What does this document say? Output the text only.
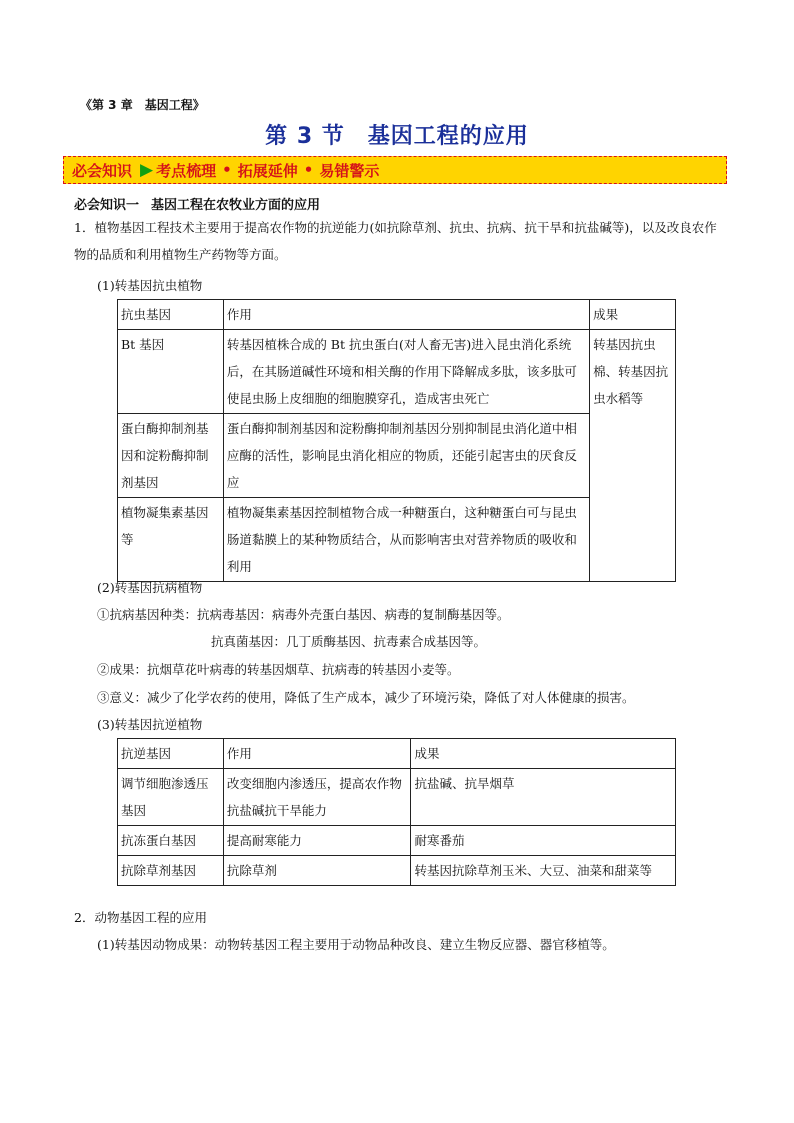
《第 3 章　基因工程》
第 3 节　基因工程的应用
必会知识 ▶ 考点梳理 • 拓展延伸 • 易错警示
必会知识一 基因工程在农牧业方面的应用
1．植物基因工程技术主要用于提高农作物的抗逆能力(如抗除草剂、抗虫、抗病、抗干旱和抗盐碱等)，以及改良农作物的品质和利用植物生产药物等方面。
(1)转基因抗虫植物
抗虫基因	作用	成果
Bt 基因	转基因植株合成的 Bt 抗虫蛋白(对人畜无害)进入昆虫消化系统后，在其肠道碱性环境和相关酶的作用下降解成多肽，该多肽可使昆虫肠上皮细胞的细胞膜穿孔，造成害虫死亡	转基因抗虫棉、转基因抗虫水稻等
蛋白酶抑制剂基因和淀粉酶抑制剂基因	蛋白酶抑制剂基因和淀粉酶抑制剂基因分别抑制昆虫消化道中相应酶的活性，影响昆虫消化相应的物质，还能引起害虫的厌食反应	
植物凝集素基因等	植物凝集素基因控制植物合成一种糖蛋白，这种糖蛋白可与昆虫肠道黏膜上的某种物质结合，从而影响害虫对营养物质的吸收和利用	
(2)转基因抗病植物
①抗病基因种类：抗病毒基因：病毒外壳蛋白基因、病毒的复制酶基因等。
抗真菌基因：几丁质酶基因、抗毒素合成基因等。
②成果：抗烟草花叶病毒的转基因烟草、抗病毒的转基因小麦等。
③意义：减少了化学农药的使用，降低了生产成本，减少了环境污染，降低了对人体健康的损害。
(3)转基因抗逆植物
抗逆基因	作用	成果
调节细胞渗透压基因	改变细胞内渗透压，提高农作物抗盐碱抗干旱能力	抗盐碱、抗旱烟草
抗冻蛋白基因	提高耐寒能力	耐寒番茄
抗除草剂基因	抗除草剂	转基因抗除草剂玉米、大豆、油菜和甜菜等
2．动物基因工程的应用
(1)转基因动物成果：动物转基因工程主要用于动物品种改良、建立生物反应器、器官移植等。
